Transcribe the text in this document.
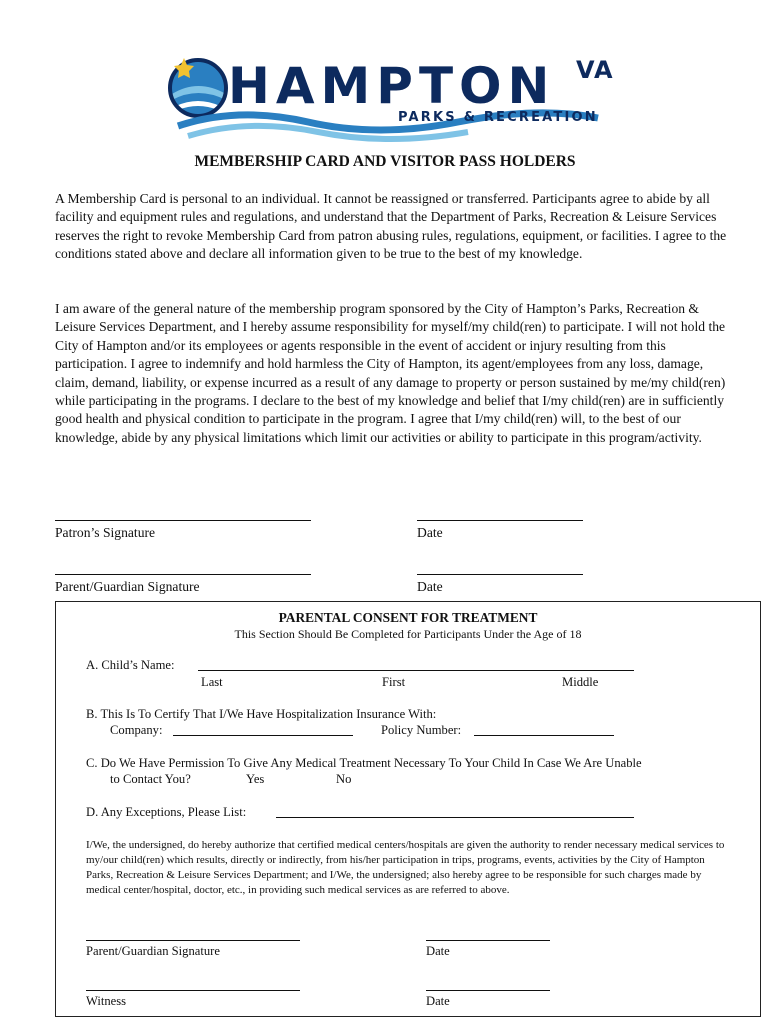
HAMPTON VA
PARKS & RECREATION
MEMBERSHIP CARD AND VISITOR PASS HOLDERS

A Membership Card is personal to an individual. It cannot be reassigned or transferred. Participants agree to abide by all facility and equipment rules and regulations, and understand that the Department of Parks, Recreation & Leisure Services reserves the right to revoke Membership Card from patron abusing rules, regulations, equipment, or facilities. I agree to the conditions stated above and declare all information given to be true to the best of my knowledge.

I am aware of the general nature of the membership program sponsored by the City of Hampton’s Parks, Recreation & Leisure Services Department, and I hereby assume responsibility for myself/my child(ren) to participate. I will not hold the City of Hampton and/or its employees or agents responsible in the event of accident or injury resulting from this participation. I agree to indemnify and hold harmless the City of Hampton, its agent/employees from any loss, damage, claim, demand, liability, or expense incurred as a result of any damage to property or person sustained by me/my child(ren) while participating in the programs. I declare to the best of my knowledge and belief that I/my child(ren) are in sufficiently good health and physical condition to participate in the program. I agree that I/my child(ren) will, to the best of our knowledge, abide by any physical limitations which limit our activities or ability to participate in this program/activity.

Patron’s Signature	Date
Parent/Guardian Signature	Date
PARENTAL CONSENT FOR TREATMENT
This Section Should Be Completed for Participants Under the Age of 18
A. Child’s Name:
Last	First	Middle
B. This Is To Certify That I/We Have Hospitalization Insurance With:
Company:	Policy Number:
C. Do We Have Permission To Give Any Medical Treatment Necessary To Your Child In Case We Are Unable
to Contact You?	Yes	No
D. Any Exceptions, Please List:
I/We, the undersigned, do hereby authorize that certified medical centers/hospitals are given the authority to render necessary medical services to my/our child(ren) which results, directly or indirectly, from his/her participation in trips, programs, events, activities by the City of Hampton Parks, Recreation & Leisure Services Department; and I/We, the undersigned; also hereby agree to be responsible for such charges made by medical center/hospital, doctor, etc., in providing such medical services as are referred to above.
Parent/Guardian Signature	Date
Witness	Date
